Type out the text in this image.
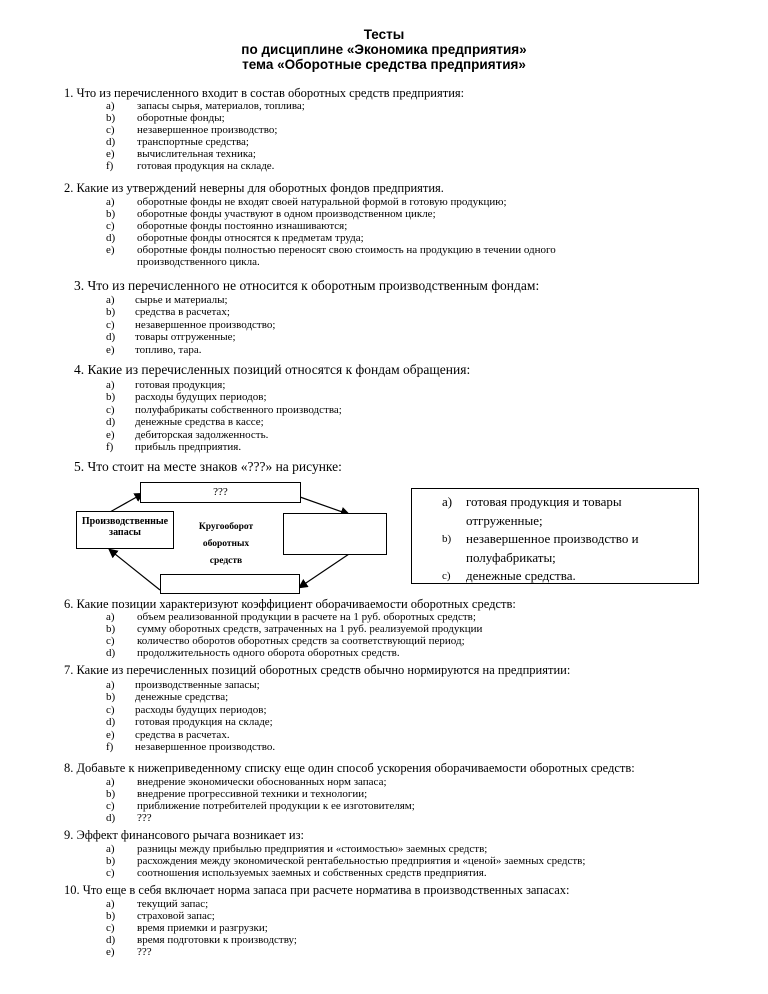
Тесты
по дисциплине «Экономика предприятия»
тема «Оборотные средства предприятия»
1. Что из перечисленного входит в состав оборотных средств предприятия:
a) запасы сырья, материалов, топлива;
b) оборотные фонды;
c) незавершенное производство;
d) транспортные средства;
e) вычислительная техника;
f) готовая продукция на складе.
2. Какие из утверждений неверны для оборотных фондов предприятия.
a) оборотные фонды не входят своей натуральной формой в готовую продукцию;
b) оборотные фонды участвуют в одном производственном цикле;
c) оборотные фонды постоянно изнашиваются;
d) оборотные фонды относятся к предметам труда;
e) оборотные фонды полностью переносят свою стоимость на продукцию в течении одного
производственного цикла.
3. Что из перечисленного не относится к оборотным производственным фондам:
a) сырье и материалы;
b) средства в расчетах;
c) незавершенное производство;
d) товары отгруженные;
e) топливо, тара.
4. Какие из перечисленных позиций относятся к фондам обращения:
a) готовая продукция;
b) расходы будущих периодов;
c) полуфабрикаты собственного производства;
d) денежные средства в кассе;
e) дебиторская задолженность.
f) прибыль предприятия.
5. Что стоит на месте знаков «???» на рисунке:
???
Производственные
запасы	Кругооборот
оборотных
средств
a) готовая продукция и товары
отгруженные;
b) незавершенное производство и
полуфабрикаты;
c) денежные средства.
6. Какие позиции характеризуют коэффициент оборачиваемости оборотных средств:
a) объем реализованной продукции в расчете на 1 руб. оборотных средств;
b) сумму оборотных средств, затраченных на 1 руб. реализуемой продукции
c) количество оборотов оборотных средств за соответствующий период;
d) продолжительность одного оборота оборотных средств.
7. Какие из перечисленных позиций оборотных средств обычно нормируются на предприятии:
a) производственные запасы;
b) денежные средства;
c) расходы будущих периодов;
d) готовая продукция на складе;
e) средства в расчетах.
f) незавершенное производство.
8. Добавьте к нижеприведенному списку еще один способ ускорения оборачиваемости оборотных средств:
a) внедрение экономически обоснованных норм запаса;
b) внедрение прогрессивной техники и технологии;
c) приближение потребителей продукции к ее изготовителям;
d) ???
9. Эффект финансового рычага возникает из:
a) разницы между прибылью предприятия и «стоимостью» заемных средств;
b) расхождения между экономической рентабельностью предприятия и «ценой» заемных средств;
c) соотношения используемых заемных и собственных средств предприятия.
10. Что еще в себя включает норма запаса при расчете норматива в производственных запасах:
a) текущий запас;
b) страховой запас;
c) время приемки и разгрузки;
d) время подготовки к производству;
e) ???
